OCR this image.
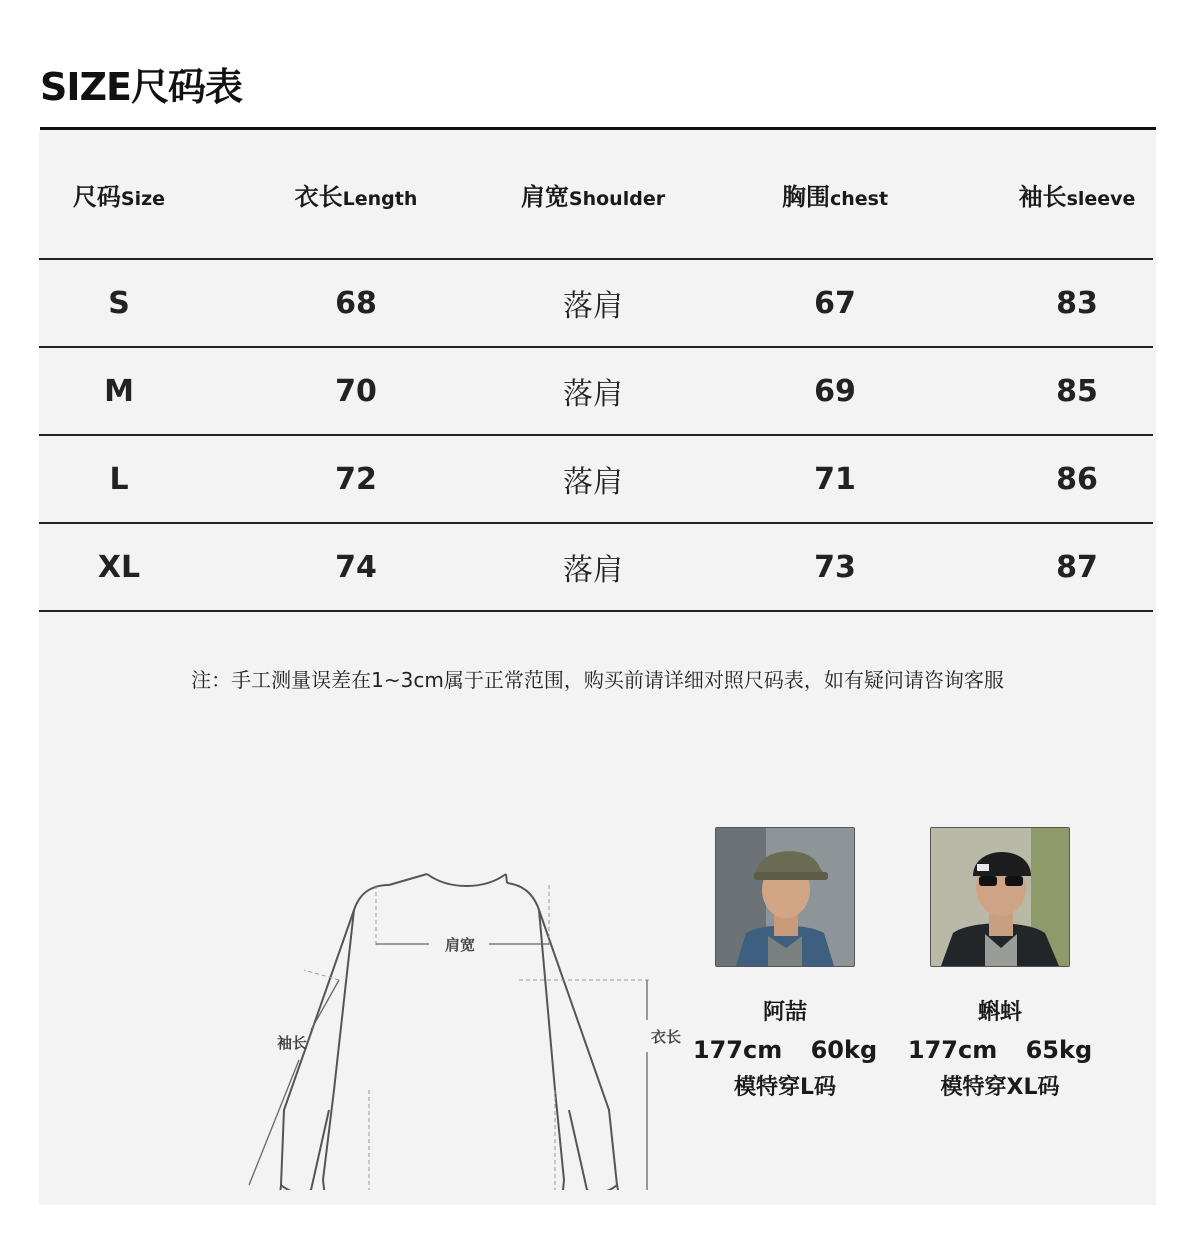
SIZE尺码表
尺码Size	衣长Length	肩宽Shoulder	胸围chest	袖长sleeve
S	68	落肩	67	83
M	70	落肩	69	85
L	72	落肩	71	86
XL	74	落肩	73	87
注：手工测量误差在1~3cm属于正常范围，购买前请详细对照尺码表，如有疑问请咨询客服
肩宽
衣长
袖长
阿喆
177cm 60kg
模特穿L码
蝌蚪
177cm 65kg
模特穿XL码
